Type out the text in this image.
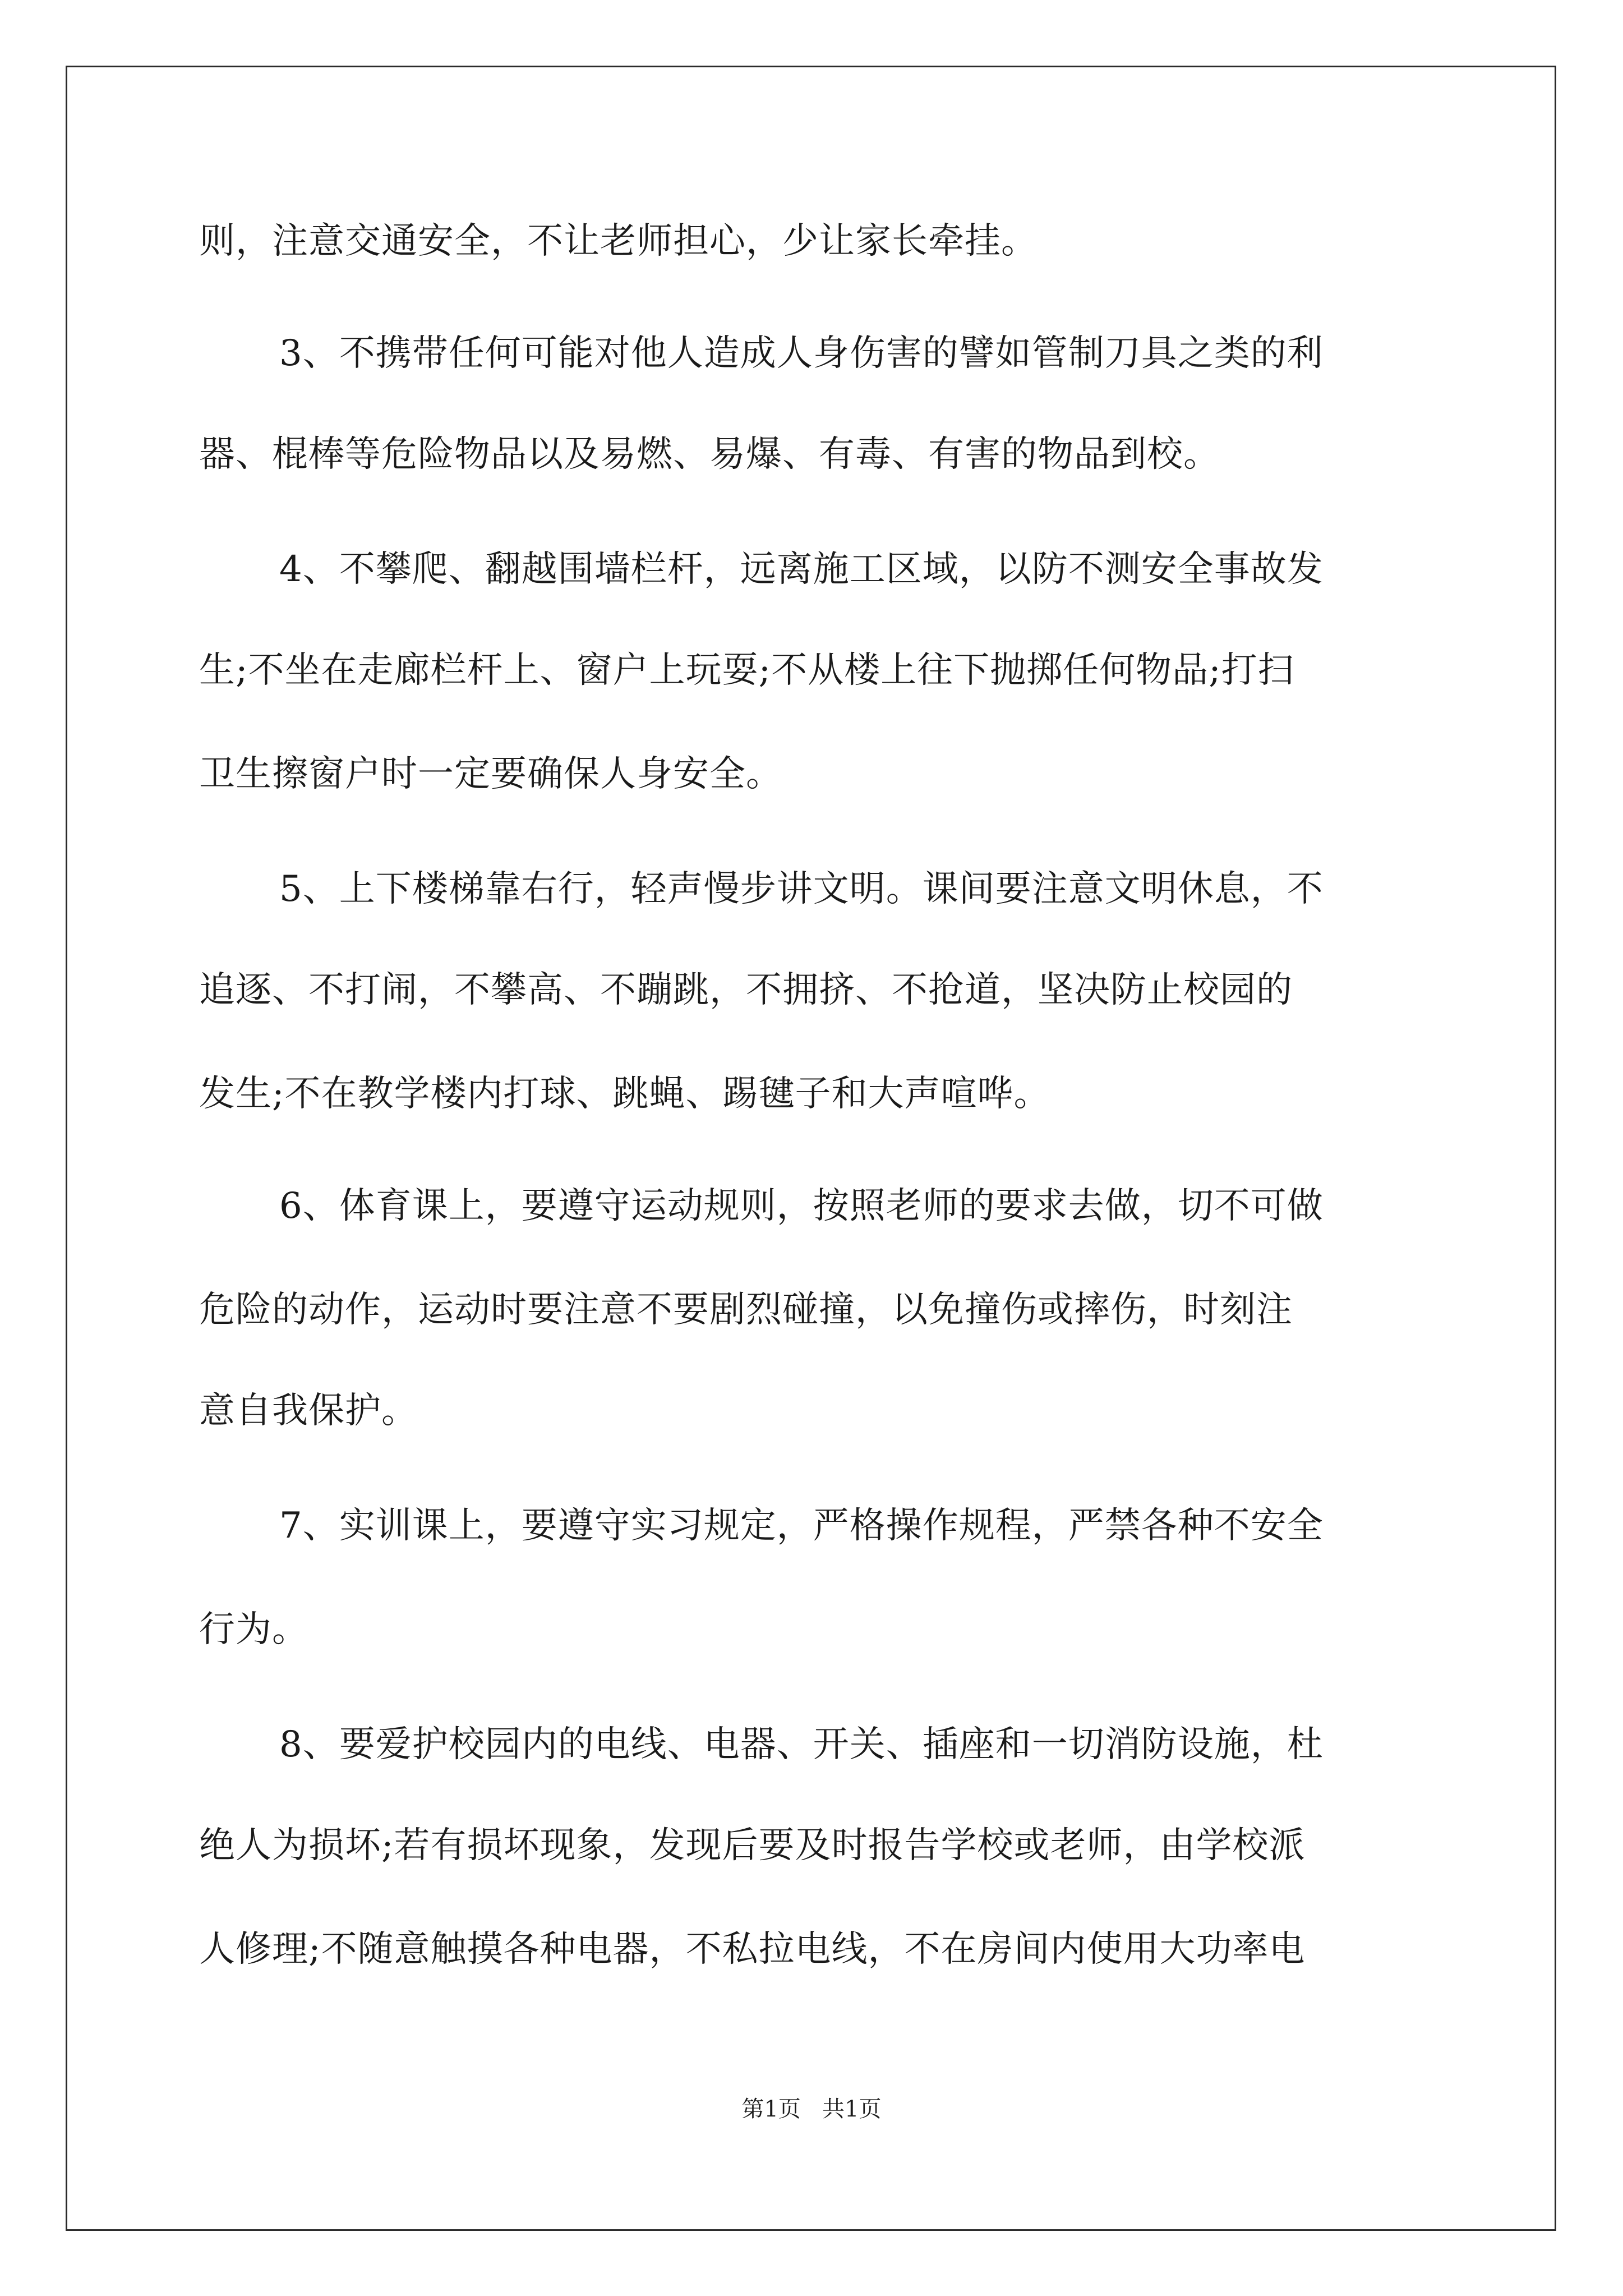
则，注意交通安全，不让老师担心，少让家长牵挂。
3、不携带任何可能对他人造成人身伤害的譬如管制刀具之类的利
器、棍棒等危险物品以及易燃、易爆、有毒、有害的物品到校。
4、不攀爬、翻越围墙栏杆，远离施工区域，以防不测安全事故发
生;不坐在走廊栏杆上、窗户上玩耍;不从楼上往下抛掷任何物品;打扫
卫生擦窗户时一定要确保人身安全。
5、上下楼梯靠右行，轻声慢步讲文明。课间要注意文明休息，不
追逐、不打闹，不攀高、不蹦跳，不拥挤、不抢道，坚决防止校园的
发生;不在教学楼内打球、跳蝇、踢毽子和大声喧哗。
6、体育课上，要遵守运动规则，按照老师的要求去做，切不可做
危险的动作，运动时要注意不要剧烈碰撞，以免撞伤或摔伤，时刻注
意自我保护。
7、实训课上，要遵守实习规定，严格操作规程，严禁各种不安全
行为。
8、要爱护校园内的电线、电器、开关、插座和一切消防设施，杜
绝人为损坏;若有损坏现象，发现后要及时报告学校或老师，由学校派
人修理;不随意触摸各种电器，不私拉电线，不在房间内使用大功率电
第1页   共1页
